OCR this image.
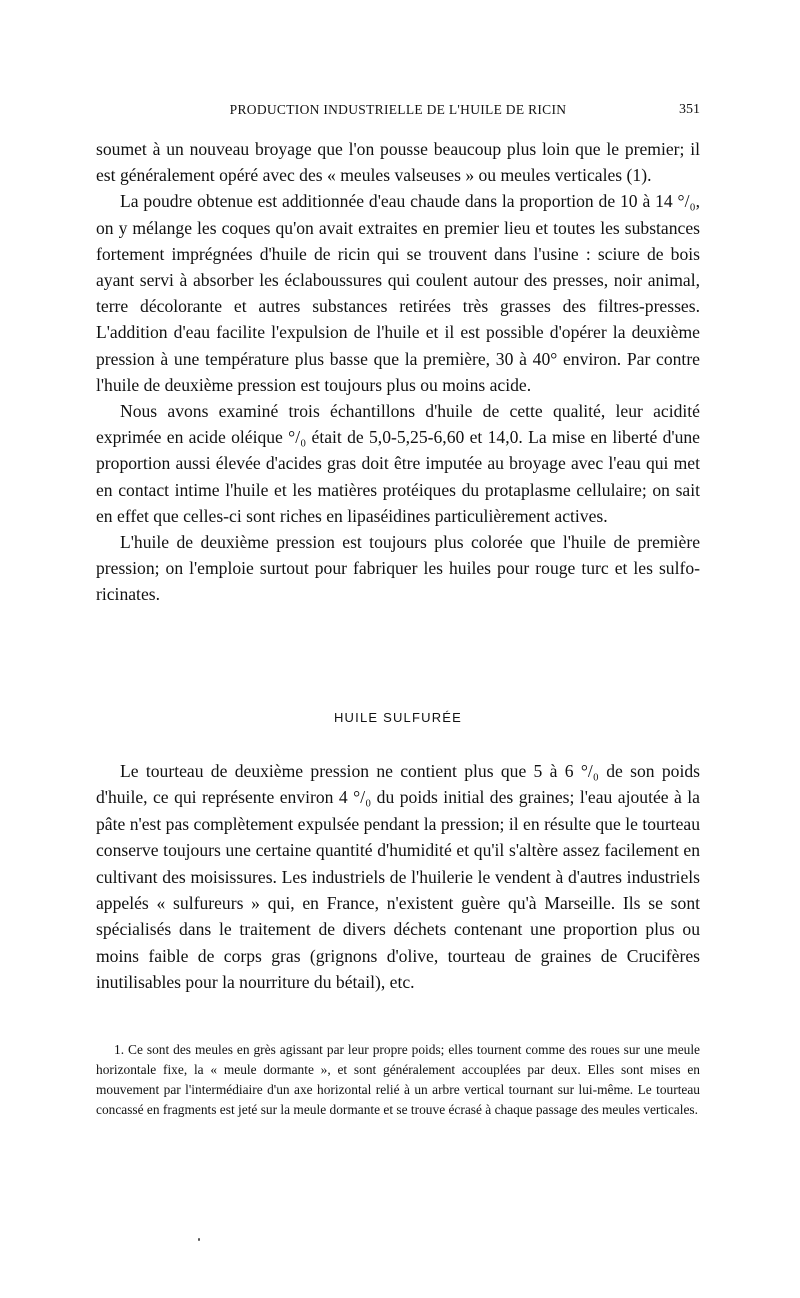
PRODUCTION INDUSTRIELLE DE L'HUILE DE RICIN	351

soumet à un nouveau broyage que l'on pousse beaucoup plus loin que le premier; il est généralement opéré avec des « meules valseuses » ou meules verticales (1).

La poudre obtenue est additionnée d'eau chaude dans la proportion de 10 à 14 °/₀, on y mélange les coques qu'on avait extraites en premier lieu et toutes les substances fortement imprégnées d'huile de ricin qui se trouvent dans l'usine : sciure de bois ayant servi à absorber les éclaboussures qui coulent autour des presses, noir animal, terre décolorante et autres substances retirées très grasses des filtres-presses. L'addition d'eau facilite l'expulsion de l'huile et il est possible d'opérer la deuxième pression à une température plus basse que la première, 30 à 40° environ. Par contre l'huile de deuxième pression est toujours plus ou moins acide.

Nous avons examiné trois échantillons d'huile de cette qualité, leur acidité exprimée en acide oléique °/₀ était de 5,0-5,25-6,60 et 14,0. La mise en liberté d'une proportion aussi élevée d'acides gras doit être imputée au broyage avec l'eau qui met en contact intime l'huile et les matières protéiques du protaplasme cellulaire; on sait en effet que celles-ci sont riches en lipaséidines particulièrement actives.

L'huile de deuxième pression est toujours plus colorée que l'huile de première pression; on l'emploie surtout pour fabriquer les huiles pour rouge turc et les sulfo-ricinates.

HUILE SULFURÉE

Le tourteau de deuxième pression ne contient plus que 5 à 6 °/₀ de son poids d'huile, ce qui représente environ 4 °/₀ du poids initial des graines; l'eau ajoutée à la pâte n'est pas complètement expulsée pendant la pression; il en résulte que le tourteau conserve toujours une certaine quantité d'humidité et qu'il s'altère assez facilement en cultivant des moisissures. Les industriels de l'huilerie le vendent à d'autres industriels appelés « sulfureurs » qui, en France, n'existent guère qu'à Marseille. Ils se sont spécialisés dans le traitement de divers déchets contenant une proportion plus ou moins faible de corps gras (grignons d'olive, tourteau de graines de Crucifères inutilisables pour la nourriture du bétail), etc.

1. Ce sont des meules en grès agissant par leur propre poids; elles tournent comme des roues sur une meule horizontale fixe, la « meule dormante », et sont généralement accouplées par deux. Elles sont mises en mouvement par l'intermédiaire d'un axe horizontal relié à un arbre vertical tournant sur lui-même. Le tourteau concassé en fragments est jeté sur la meule dormante et se trouve écrasé à chaque passage des meules verticales.
